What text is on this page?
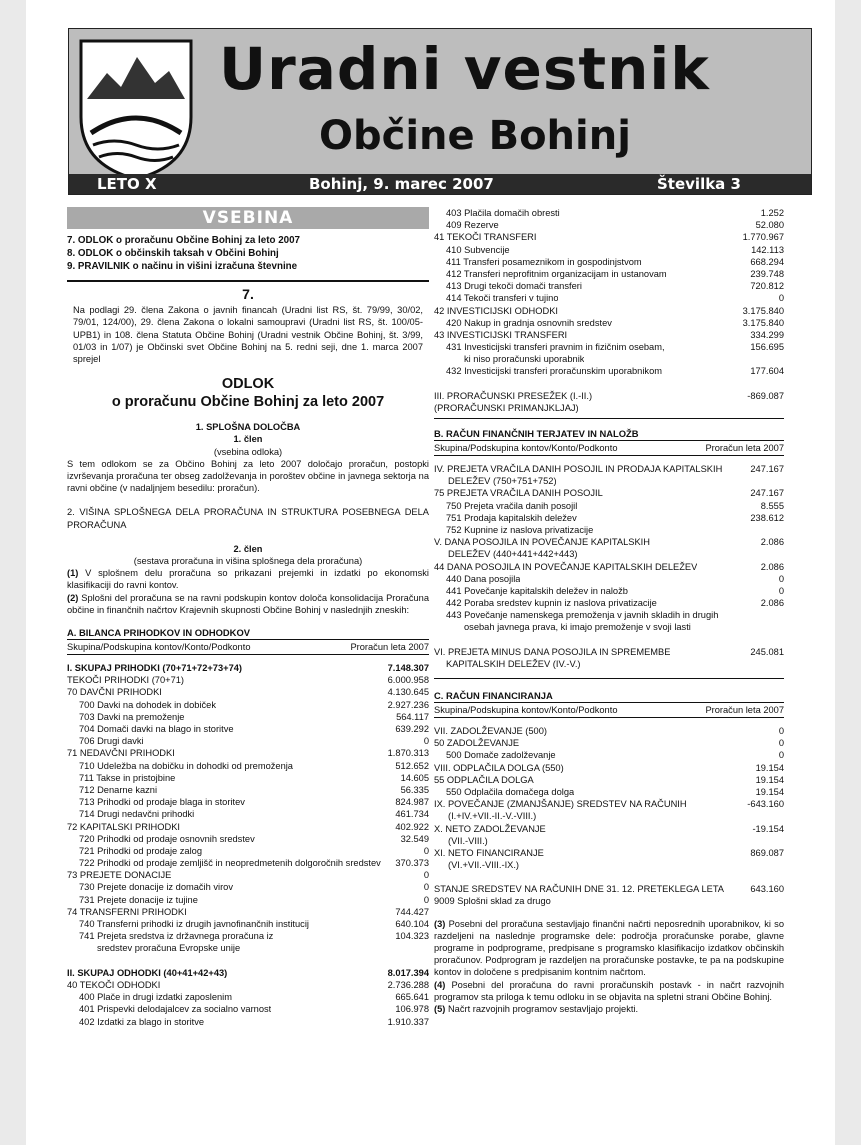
Uradni vestnik
Občine Bohinj
LETO X	Bohinj, 9. marec 2007	Številka 3
VSEBINA
7. ODLOK o proračunu Občine Bohinj za leto 2007
8. ODLOK o občinskih taksah v Občini Bohinj
9. PRAVILNIK o načinu in višini izračuna števnine
7.

Na podlagi 29. člena Zakona o javnih financah (Uradni list RS, št. 79/99, 30/02, 79/01, 124/00), 29. člena Zakona o lokalni samoupravi (Uradni list RS, št. 100/05-UPB1) in 108. člena Statuta Občine Bohinj (Uradni vestnik Občine Bohinj, št. 3/99, 01/03 in 1/07) je Občinski svet Občine Bohinj na 5. redni seji, dne 1. marca 2007 sprejel

ODLOK
o proračunu Občine Bohinj za leto 2007
1. SPLOŠNA DOLOČBA
1. člen
(vsebina odloka)

S tem odlokom se za Občino Bohinj za leto 2007 določajo proračun, postopki izvrševanja proračuna ter obseg zadolževanja in poroštev občine in javnega sektorja na ravni občine (v nadaljnjem besedilu: proračun).

2. VIŠINA SPLOŠNEGA DELA PRORAČUNA IN STRUKTURA POSEBNEGA DELA PRORAČUNA

2. člen
(sestava proračuna in višina splošnega dela proračuna)

(1) V splošnem delu proračuna so prikazani prejemki in izdatki po ekonomski klasifikaciji do ravni kontov.

(2) Splošni del proračuna se na ravni podskupin kontov določa konsolidacija Proračuna občine in finančnih načrtov Krajevnih skupnosti Občine Bohinj v naslednjih zneskih:

A. BILANCA PRIHODKOV IN ODHODKOV
Skupina/Podskupina kontov/Konto/Podkonto	Proračun leta 2007
I. SKUPAJ PRIHODKI (70+71+72+73+74)	7.148.307
TEKOČI PRIHODKI (70+71)	6.000.958
70 DAVČNI PRIHODKI	4.130.645
700 Davki na dohodek in dobiček	2.927.236
703 Davki na premoženje	564.117
704 Domači davki na blago in storitve	639.292
706 Drugi davki	0
71 NEDAVČNI PRIHODKI	1.870.313
710 Udeležba na dobičku in dohodki od premoženja	512.652
711 Takse in pristojbine	14.605
712 Denarne kazni	56.335
713 Prihodki od prodaje blaga in storitev	824.987
714 Drugi nedavčni prihodki	461.734
72 KAPITALSKI PRIHODKI	402.922
720 Prihodki od prodaje osnovnih sredstev	32.549
721 Prihodki od prodaje zalog	0
722 Prihodki od prodaje zemljišč in neopredmetenih dolgoročnih sredstev	370.373
73 PREJETE DONACIJE	0
730 Prejete donacije iz domačih virov	0
731 Prejete donacije iz tujine	0
74 TRANSFERNI PRIHODKI	744.427
740 Transferni prihodki iz drugih javnofinančnih institucij	640.104
741 Prejeta sredstva iz državnega proračuna iz	104.323
sredstev proračuna Evropske unije
II. SKUPAJ ODHODKI (40+41+42+43)	8.017.394
40 TEKOČI ODHODKI	2.736.288
400 Plače in drugi izdatki zaposlenim	665.641
401 Prispevki delodajalcev za socialno varnost	106.978
402 Izdatki za blago in storitve	1.910.337
403 Plačila domačih obresti	1.252
409 Rezerve	52.080
41 TEKOČI TRANSFERI	1.770.967
410 Subvencije	142.113
411 Transferi posameznikom in gospodinjstvom	668.294
412 Transferi neprofitnim organizacijam in ustanovam	239.748
413 Drugi tekoči domači transferi	720.812
414 Tekoči transferi v tujino	0
42 INVESTICIJSKI ODHODKI	3.175.840
420 Nakup in gradnja osnovnih sredstev	3.175.840
43 INVESTICIJSKI TRANSFERI	334.299
431 Investicijski transferi pravnim in fizičnim osebam,	156.695
ki niso proračunski uporabnik
432 Investicijski transferi proračunskim uporabnikom	177.604
III. PRORAČUNSKI PRESEŽEK (I.-II.)	-869.087
(PRORAČUNSKI PRIMANJKLJAJ)
B. RAČUN FINANČNIH TERJATEV IN NALOŽB
Skupina/Podskupina kontov/Konto/Podkonto	Proračun leta 2007
IV. PREJETA VRAČILA DANIH POSOJIL IN PRODAJA KAPITALSKIH	247.167
DELEŽEV (750+751+752)
75 PREJETA VRAČILA DANIH POSOJIL	247.167
750 Prejeta vračila danih posojil	8.555
751 Prodaja kapitalskih deležev	238.612
752 Kupnine iz naslova privatizacije
V. DANA POSOJILA IN POVEČANJE KAPITALSKIH	2.086
DELEŽEV (440+441+442+443)
44 DANA POSOJILA IN POVEČANJE KAPITALSKIH DELEŽEV	2.086
440 Dana posojila	0
441 Povečanje kapitalskih deležev in naložb	0
442 Poraba sredstev kupnin iz naslova privatizacije	2.086
443 Povečanje namenskega premoženja v javnih skladih in drugih
osebah javnega prava, ki imajo premoženje v svoji lasti
VI. PREJETA MINUS DANA POSOJILA IN SPREMEMBE	245.081
KAPITALSKIH DELEŽEV (IV.-V.)
C. RAČUN FINANCIRANJA
Skupina/Podskupina kontov/Konto/Podkonto	Proračun leta 2007
VII. ZADOLŽEVANJE (500)	0
50 ZADOLŽEVANJE	0
500 Domače zadolževanje	0
VIII. ODPLAČILA DOLGA (550)	19.154
55 ODPLAČILA DOLGA	19.154
550 Odplačila domačega dolga	19.154
IX. POVEČANJE (ZMANJŠANJE) SREDSTEV NA RAČUNIH	-643.160
(I.+IV.+VII.-II.-V.-VIII.)
X. NETO ZADOLŽEVANJE	-19.154
(VII.-VIII.)
XI. NETO FINANCIRANJE	869.087
(VI.+VII.-VIII.-IX.)
STANJE SREDSTEV NA RAČUNIH DNE 31. 12. PRETEKLEGA LETA	643.160
9009 Splošni sklad za drugo

(3) Posebni del proračuna sestavljajo finančni načrti neposrednih uporabnikov, ki so razdeljeni na naslednje programske dele: področja proračunske porabe, glavne programe in podprograme, predpisane s programsko klasifikacijo izdatkov občinskih proračunov. Podprogram je razdeljen na proračunske postavke, te pa na podskupine kontov in določene s predpisanim kontnim načrtom.

(4) Posebni del proračuna do ravni proračunskih postavk - in načrt razvojnih programov sta priloga k temu odloku in se objavita na spletni strani Občine Bohinj.

(5) Načrt razvojnih programov sestavljajo projekti.
